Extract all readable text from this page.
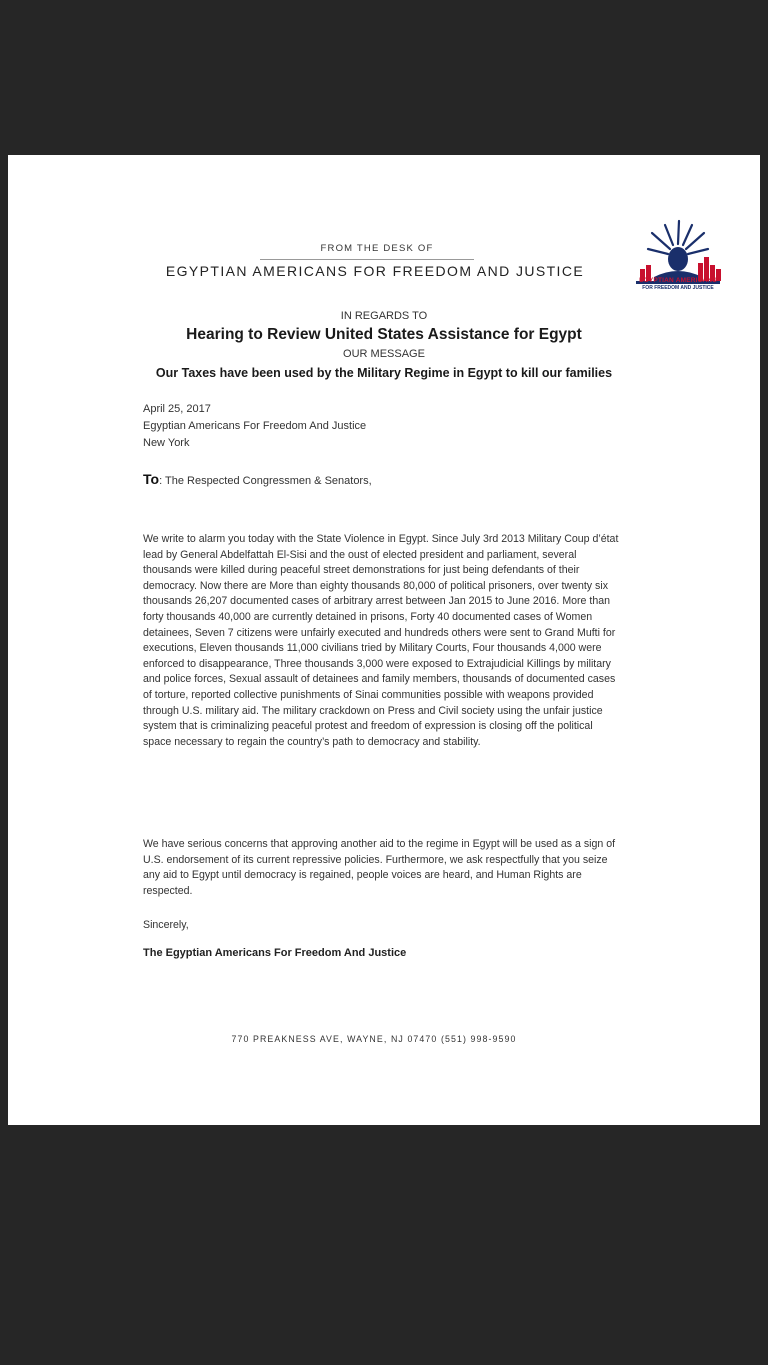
FROM THE DESK OF
EGYPTIAN AMERICANS FOR FREEDOM AND JUSTICE
EGYPTIAN AMERICANS
FOR FREEDOM AND JUSTICE
IN REGARDS TO
Hearing to Review United States Assistance for Egypt
OUR MESSAGE
Our Taxes have been used by the Military Regime in Egypt to kill our families
April 25, 2017
Egyptian Americans For Freedom And Justice
New York
To: The Respected Congressmen & Senators,

We write to alarm you today with the State Violence in Egypt. Since July 3rd 2013 Military Coup d’état lead by General Abdelfattah El-Sisi and the oust of elected president and parliament, several thousands were killed during peaceful street demonstrations for just being defendants of their democracy. Now there are More than eighty thousands 80,000 of political prisoners, over twenty six thousands 26,207 documented cases of arbitrary arrest between Jan 2015 to June 2016. More than forty thousands 40,000 are currently detained in prisons, Forty 40 documented cases of Women detainees, Seven 7 citizens were unfairly executed and hundreds others were sent to Grand Mufti for executions, Eleven thousands 11,000 civilians tried by Military Courts, Four thousands 4,000 were enforced to disappearance, Three thousands 3,000 were exposed to Extrajudicial Killings by military and police forces, Sexual assault of detainees and family members, thousands of documented cases of torture, reported collective punishments of Sinai communities possible with weapons provided through U.S. military aid. The military crackdown on Press and Civil society using the unfair justice system that is criminalizing peaceful protest and freedom of expression is closing off the political space necessary to regain the country’s path to democracy and stability.

We have serious concerns that approving another aid to the regime in Egypt will be used as a sign of U.S. endorsement of its current repressive policies. Furthermore, we ask respectfully that you seize any aid to Egypt until democracy is regained, people voices are heard, and Human Rights are respected.

Sincerely,
The Egyptian Americans For Freedom And Justice
770 PREAKNESS AVE, WAYNE, NJ 07470 (551) 998-9590
